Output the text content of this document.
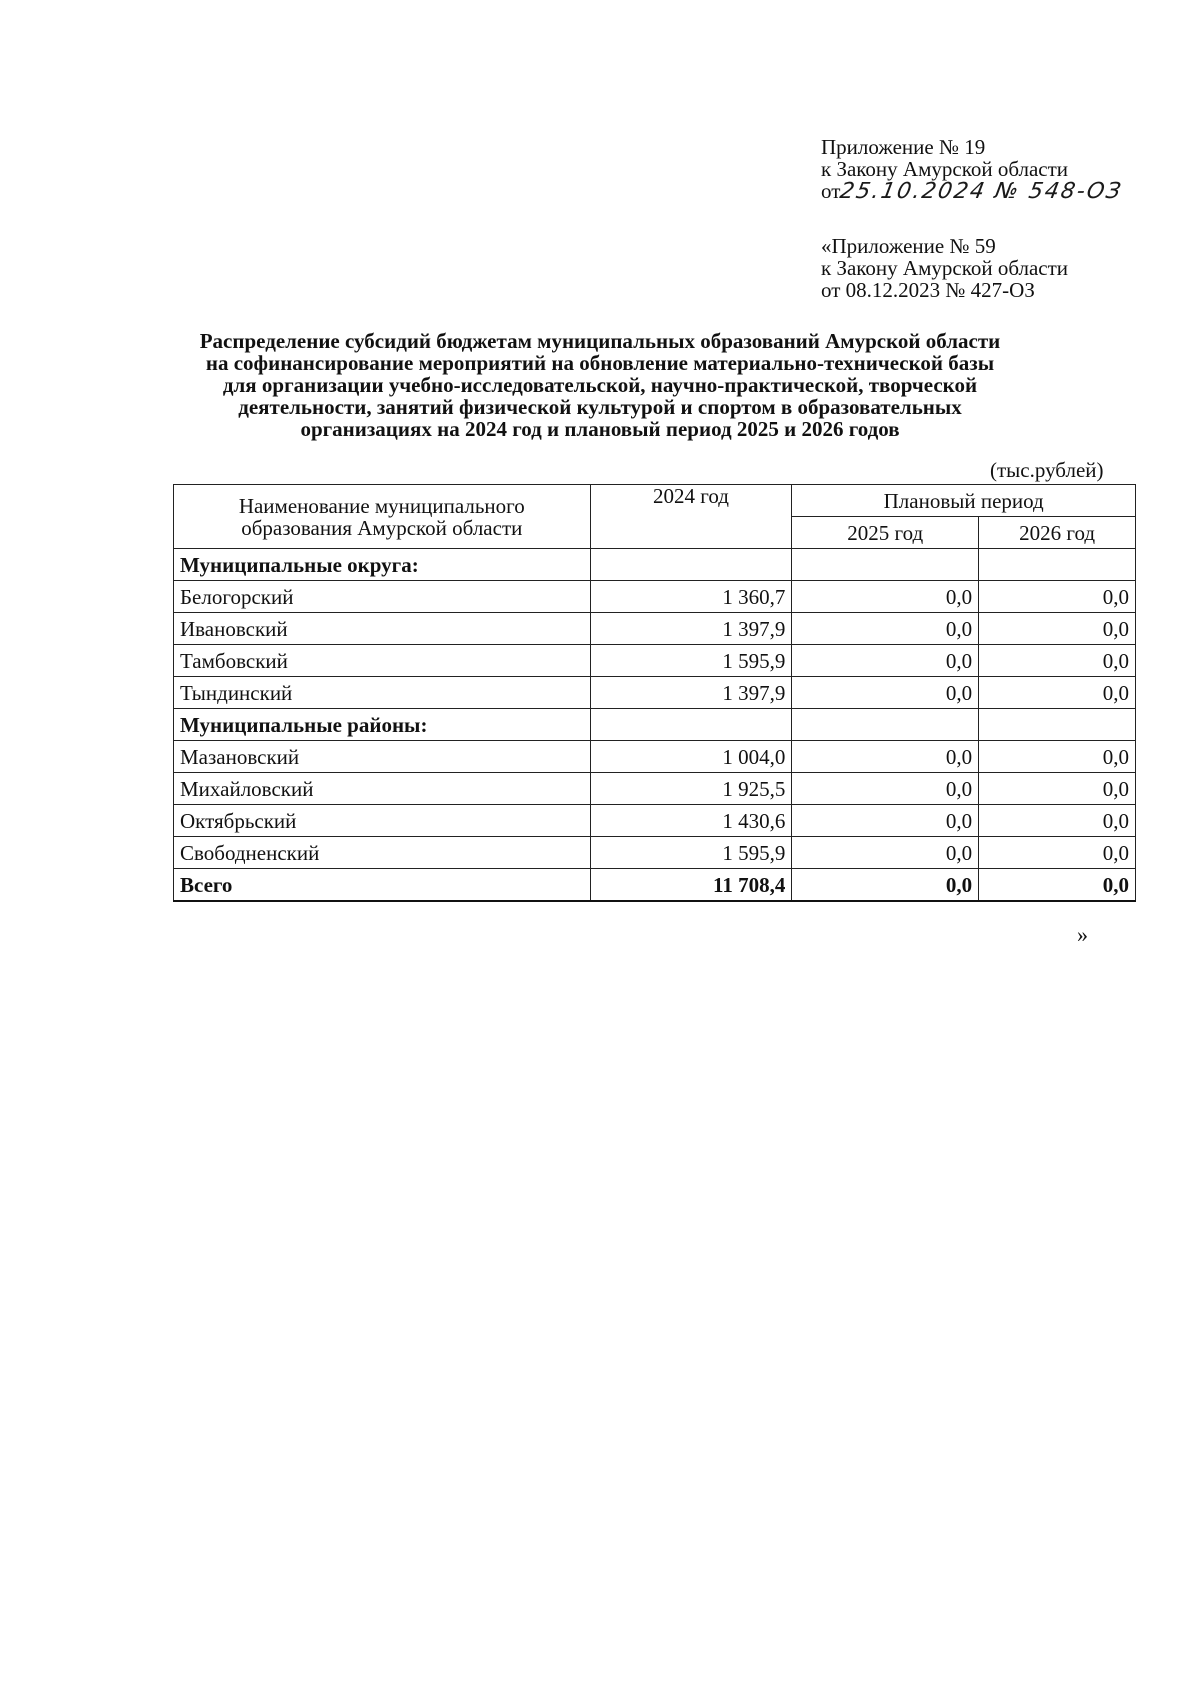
Приложение № 19
к Закону Амурской области
от25.10.2024 № 548-ОЗ
«Приложение № 59
к Закону Амурской области
от 08.12.2023 № 427-ОЗ
Распределение субсидий бюджетам муниципальных образований Амурской области
на софинансирование мероприятий на обновление материально-технической базы
для организации учебно-исследовательской, научно-практической, творческой
деятельности, занятий физической культурой и спортом в образовательных
организациях на 2024 год и плановый период 2025 и 2026 годов
(тыс.рублей)
Наименование муниципального
образования Амурской области	2024 год	Плановый период	
		2025 год	2026 год
Муниципальные округа:			
Белогорский	1 360,7	0,0	0,0
Ивановский	1 397,9	0,0	0,0
Тамбовский	1 595,9	0,0	0,0
Тындинский	1 397,9	0,0	0,0
Муниципальные районы:			
Мазановский	1 004,0	0,0	0,0
Михайловский	1 925,5	0,0	0,0
Октябрьский	1 430,6	0,0	0,0
Свободненский	1 595,9	0,0	0,0
Всего	11 708,4	0,0	0,0
»
